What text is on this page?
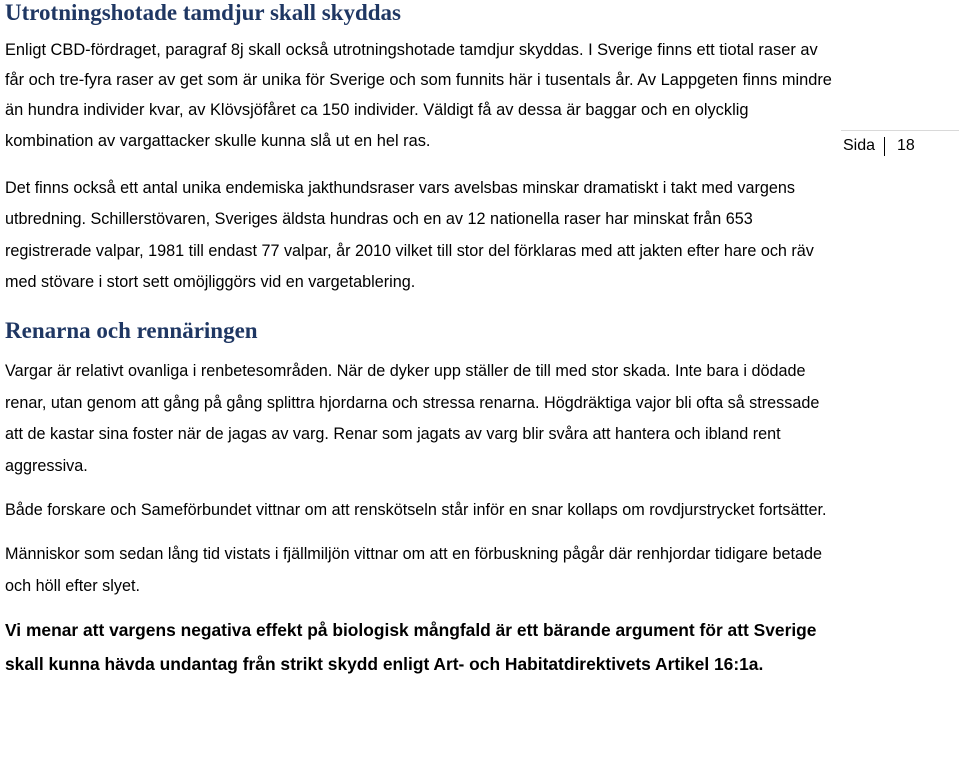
Utrotningshotade tamdjur skall skyddas

Enligt CBD-fördraget, paragraf 8j skall också utrotningshotade tamdjur skyddas. I Sverige finns ett tiotal raser av får och tre-fyra raser av get som är unika för Sverige och som funnits här i tusentals år. Av Lappgeten finns mindre än hundra individer kvar, av Klövsjöfåret ca 150 individer. Väldigt få av dessa är baggar och en olycklig kombination av vargattacker skulle kunna slå ut en hel ras.

Det finns också ett antal unika endemiska jakthundsraser vars avelsbas minskar dramatiskt i takt med vargens utbredning. Schillerstövaren, Sveriges äldsta hundras och en av 12 nationella raser har minskat från 653 registrerade valpar, 1981 till endast 77 valpar, år 2010 vilket till stor del förklaras med att jakten efter hare och räv med stövare i stort sett omöjliggörs vid en vargetablering.

Renarna och rennäringen

Vargar är relativt ovanliga i renbetesområden. När de dyker upp ställer de till med stor skada. Inte bara i dödade renar, utan genom att gång på gång splittra hjordarna och stressa renarna. Högdräktiga vajor bli ofta så stressade att de kastar sina foster när de jagas av varg. Renar som jagats av varg blir svåra att hantera och ibland rent aggressiva.

Både forskare och Sameförbundet vittnar om att renskötseln står inför en snar kollaps om rovdjurstrycket fortsätter.

Människor som sedan lång tid vistats i fjällmiljön vittnar om att en förbuskning pågår där renhjordar tidigare betade och höll efter slyet.

Vi menar att vargens negativa effekt på biologisk mångfald är ett bärande argument för att Sverige skall kunna hävda undantag från strikt skydd enligt Art- och Habitatdirektivets Artikel 16:1a.

Sida 18
